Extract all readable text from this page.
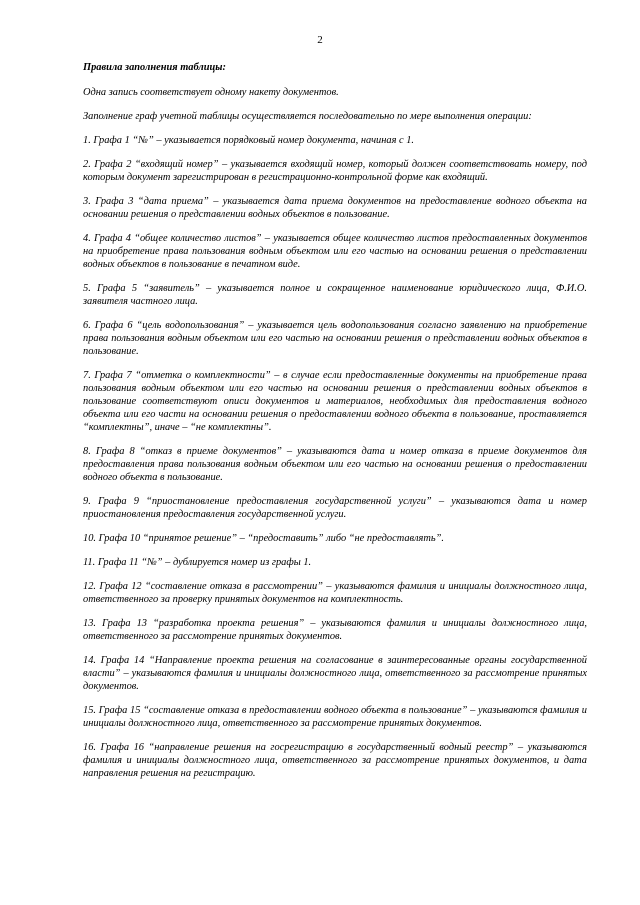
2
Правила заполнения таблицы:

Одна запись соответствует одному накету документов.

Заполнение граф учетной таблицы осуществляется последовательно по мере выполнения операции:

1. Графа 1 “№” – указывается порядковый номер документа, начиная с 1.

2. Графа 2 “входящий номер” – указывается входящий номер, который должен соответствовать номеру, под которым документ зарегистрирован в регистрационно-контрольной форме как входящий.

3. Графа 3 “дата приема” – указывается дата приема документов на предоставление водного объекта на основании решения о представлении водных объектов в пользование.

4. Графа 4 “общее количество листов” – указывается общее количество листов предоставленных документов на приобретение права пользования водным объектом или его частью на основании решения о представлении водных объектов в пользование в печатном виде.

5. Графа 5 “заявитель” – указывается полное и сокращенное наименование юридического лица, Ф.И.О. заявителя частного лица.

6. Графа 6 “цель водопользования” – указывается цель водопользования согласно заявлению на приобретение права пользования водным объектом или его частью на основании решения о представлении водных объектов в пользование.

7. Графа 7 “отметка о комплектности” – в случае если предоставленные документы на приобретение права пользования водным объектом или его частью на основании решения о представлении водных объектов в пользование соответствуют описи документов и материалов, необходимых для предоставления водного объекта или его части на основании решения о предоставлении водного объекта в пользование, проставляется “комплектны”, иначе – “не комплектны”.

8. Графа 8 “отказ в приеме документов” – указываются дата и номер отказа в приеме документов для предоставления права пользования водным объектом или его частью на основании решения о предоставлении водного объекта в пользование.

9. Графа 9 “приостановление предоставления государственной услуги” – указываются дата и номер приостановления предоставления государственной услуги.

10. Графа 10 “принятое решение” – “предоставить” либо “не предоставлять”.

11. Графа 11 “№” – дублируется номер из графы 1.

12. Графа 12 “составление отказа в рассмотрении” – указываются фамилия и инициалы должностного лица, ответственного за проверку принятых документов на комплектность.

13. Графа 13 “разработка проекта решения” – указываются фамилия и инициалы должностного лица, ответственного за рассмотрение принятых документов.

14. Графа 14 “Направление проекта решения на согласование в заинтересованные органы государственной власти” – указываются фамилия и инициалы должностного лица, ответственного за рассмотрение принятых документов.

15. Графа 15 “составление отказа в предоставлении водного объекта в пользование” – указываются фамилия и инициалы должностного лица, ответственного за рассмотрение принятых документов.

16. Графа 16 “направление решения на госрегистрацию в государственный водный реестр” – указываются фамилия и инициалы должностного лица, ответственного за рассмотрение принятых документов, и дата направления решения на регистрацию.
